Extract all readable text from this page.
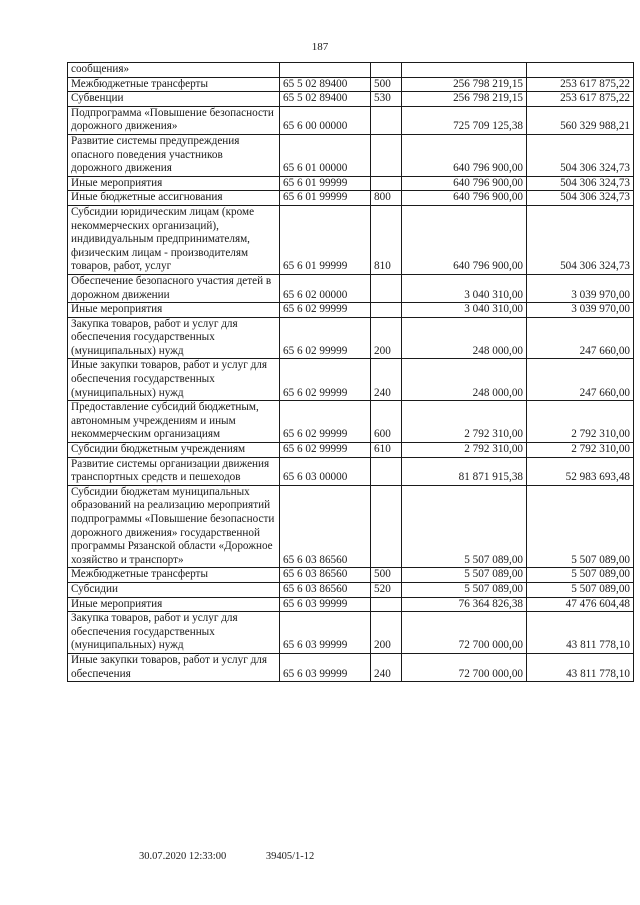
187
сообщения»				
Межбюджетные трансферты	65 5 02 89400	500	256 798 219,15	253 617 875,22
Субвенции	65 5 02 89400	530	256 798 219,15	253 617 875,22
Подпрограмма «Повышение безопасности дорожного движения»	65 6 00 00000		725 709 125,38	560 329 988,21
Развитие системы предупреждения опасного поведения участников дорожного движения	65 6 01 00000		640 796 900,00	504 306 324,73
Иные мероприятия	65 6 01 99999		640 796 900,00	504 306 324,73
Иные бюджетные ассигнования	65 6 01 99999	800	640 796 900,00	504 306 324,73
Субсидии юридическим лицам (кроме некоммерческих организаций), индивидуальным предпринимателям, физическим лицам - производителям товаров, работ, услуг	65 6 01 99999	810	640 796 900,00	504 306 324,73
Обеспечение безопасного участия детей в дорожном движении	65 6 02 00000		3 040 310,00	3 039 970,00
Иные мероприятия	65 6 02 99999		3 040 310,00	3 039 970,00
Закупка товаров, работ и услуг для обеспечения государственных (муниципальных) нужд	65 6 02 99999	200	248 000,00	247 660,00
Иные закупки товаров, работ и услуг для обеспечения государственных (муниципальных) нужд	65 6 02 99999	240	248 000,00	247 660,00
Предоставление субсидий бюджетным, автономным учреждениям и иным некоммерческим организациям	65 6 02 99999	600	2 792 310,00	2 792 310,00
Субсидии бюджетным учреждениям	65 6 02 99999	610	2 792 310,00	2 792 310,00
Развитие системы организации движения транспортных средств и пешеходов	65 6 03 00000		81 871 915,38	52 983 693,48
Субсидии бюджетам муниципальных образований на реализацию мероприятий подпрограммы «Повышение безопасности дорожного движения» государственной программы Рязанской области «Дорожное хозяйство и транспорт»	65 6 03 86560		5 507 089,00	5 507 089,00
Межбюджетные трансферты	65 6 03 86560	500	5 507 089,00	5 507 089,00
Субсидии	65 6 03 86560	520	5 507 089,00	5 507 089,00
Иные мероприятия	65 6 03 99999		76 364 826,38	47 476 604,48
Закупка товаров, работ и услуг для обеспечения государственных (муниципальных) нужд	65 6 03 99999	200	72 700 000,00	43 811 778,10
Иные закупки товаров, работ и услуг для обеспечения	65 6 03 99999	240	72 700 000,00	43 811 778,10
30.07.2020 12:33:00	39405/1-12
